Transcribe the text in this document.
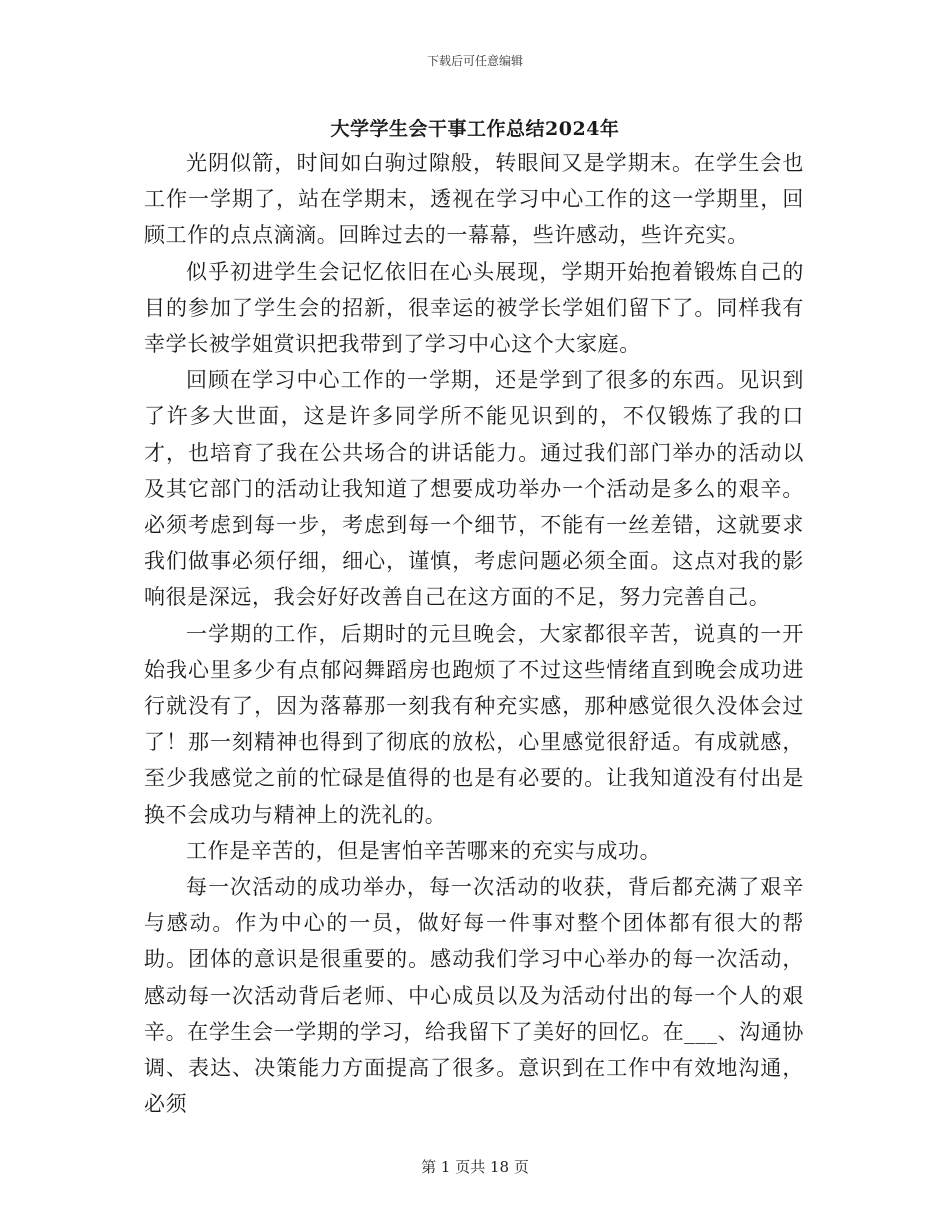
下载后可任意编辑
大学学生会干事工作总结2024年

光阴似箭，时间如白驹过隙般，转眼间又是学期末。在学生会也工作一学期了，站在学期末，透视在学习中心工作的这一学期里，回顾工作的点点滴滴。回眸过去的一幕幕，些许感动，些许充实。

似乎初进学生会记忆依旧在心头展现，学期开始抱着锻炼自己的目的参加了学生会的招新，很幸运的被学长学姐们留下了。同样我有幸学长被学姐赏识把我带到了学习中心这个大家庭。

回顾在学习中心工作的一学期，还是学到了很多的东西。见识到了许多大世面，这是许多同学所不能见识到的，不仅锻炼了我的口才，也培育了我在公共场合的讲话能力。通过我们部门举办的活动以及其它部门的活动让我知道了想要成功举办一个活动是多么的艰辛。必须考虑到每一步，考虑到每一个细节，不能有一丝差错，这就要求我们做事必须仔细，细心，谨慎，考虑问题必须全面。这点对我的影响很是深远，我会好好改善自己在这方面的不足，努力完善自己。

一学期的工作，后期时的元旦晚会，大家都很辛苦，说真的一开始我心里多少有点郁闷舞蹈房也跑烦了不过这些情绪直到晚会成功进行就没有了，因为落幕那一刻我有种充实感，那种感觉很久没体会过了！那一刻精神也得到了彻底的放松，心里感觉很舒适。有成就感，至少我感觉之前的忙碌是值得的也是有必要的。让我知道没有付出是换不会成功与精神上的洗礼的。

工作是辛苦的，但是害怕辛苦哪来的充实与成功。

每一次活动的成功举办，每一次活动的收获，背后都充满了艰辛与感动。作为中心的一员，做好每一件事对整个团体都有很大的帮助。团体的意识是很重要的。感动我们学习中心举办的每一次活动，感动每一次活动背后老师、中心成员以及为活动付出的每一个人的艰辛。在学生会一学期的学习，给我留下了美好的回忆。在___、沟通协调、表达、决策能力方面提高了很多。意识到在工作中有效地沟通，必须

第 1 页共 18 页
